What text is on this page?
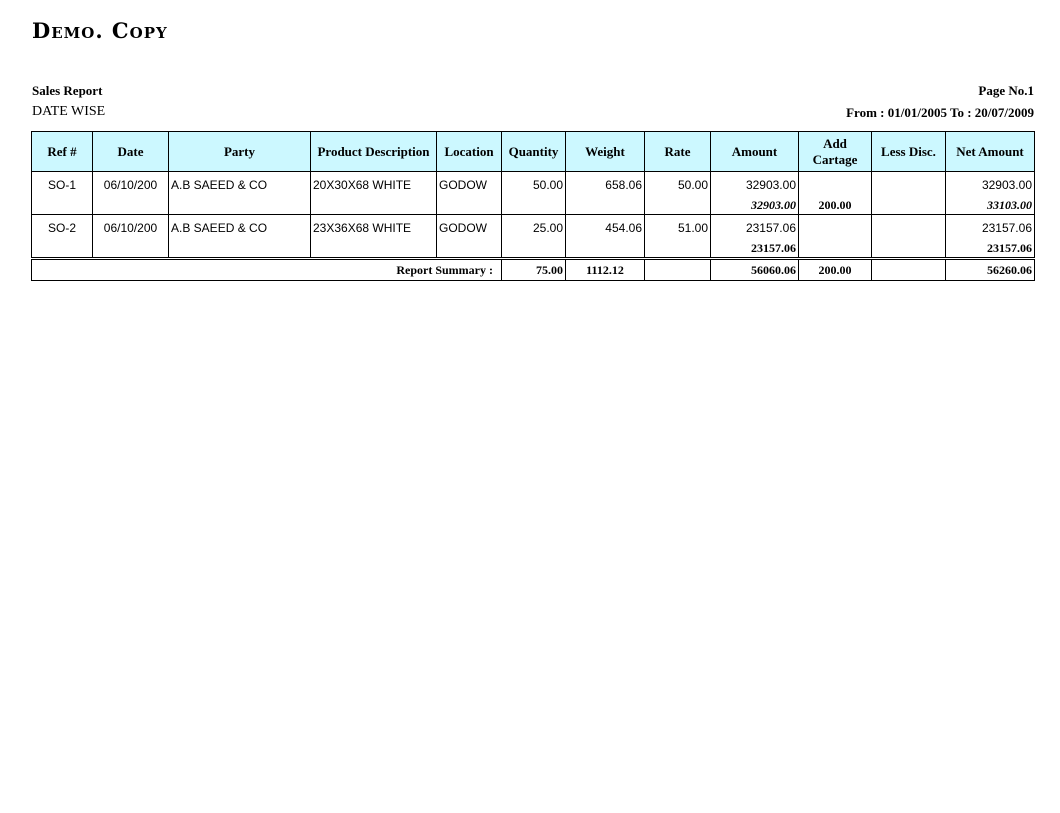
Demo. Copy
Sales Report
DATE WISE
Page No.1
From : 01/01/2005 To : 20/07/2009
Ref #	Date	Party	Product Description	Location	Quantity	Weight	Rate	Amount	Add Cartage	Less Disc.	Net Amount
SO-1	06/10/200	A.B SAEED & CO	20X30X68 WHITE	GODOW	50.00	658.06	50.00	32903.00			32903.00
								32903.00	200.00		33103.00
SO-2	06/10/200	A.B SAEED & CO	23X36X68 WHITE	GODOW	25.00	454.06	51.00	23157.06			23157.06
								23157.06			23157.06

Report Summary :					75.00	1112.12		56060.06	200.00		56260.06
